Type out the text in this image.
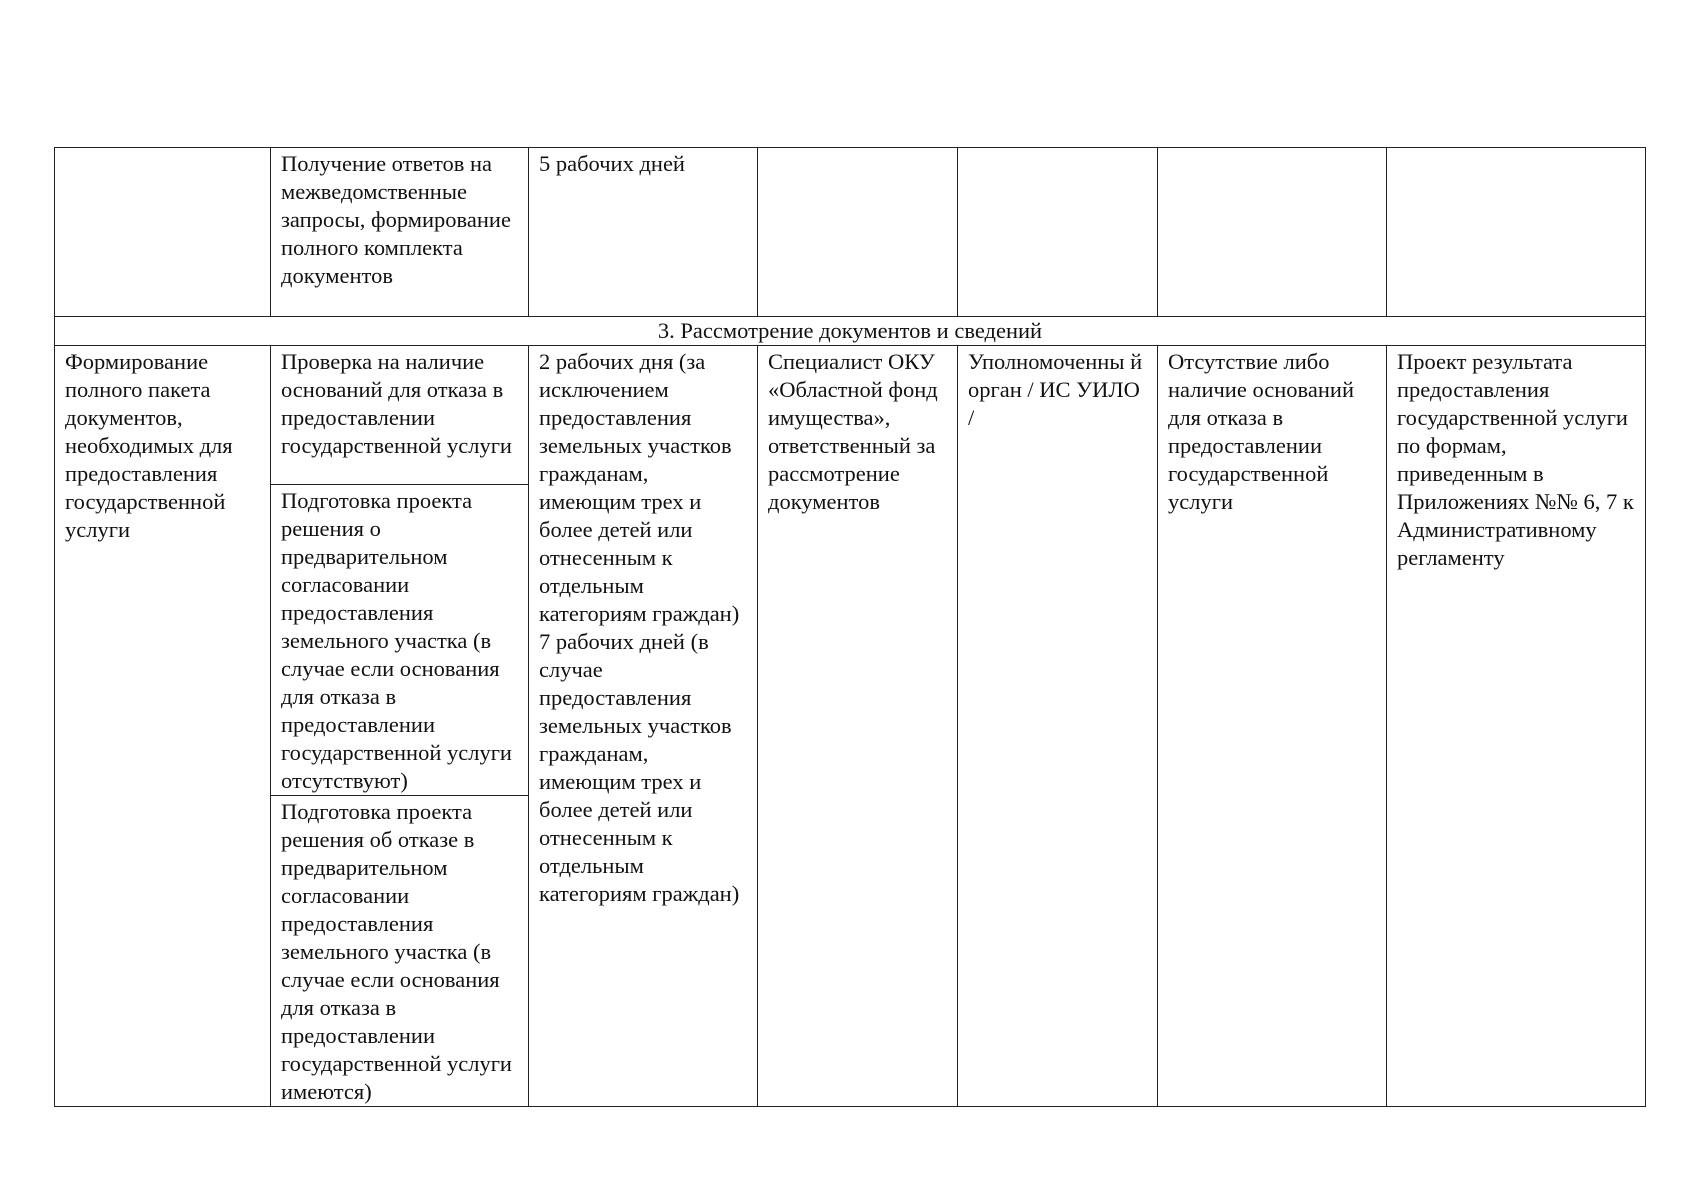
	Получение ответов на межведомственные запросы, формирование полного комплекта документов	5 рабочих дней				
3. Рассмотрение документов и сведений						
Формирование полного пакета документов, необходимых для предоставления государственной услуги	Проверка на наличие оснований для отказа в предоставлении государственной услуги	2 рабочих дня (за исключением предоставления земельных участков гражданам, имеющим трех и более детей или отнесенным к отдельным категориям граждан) 7 рабочих дней (в случае предоставления земельных участков гражданам, имеющим трех и более детей или отнесенным к отдельным категориям граждан)	Специалист ОКУ «Областной фонд имущества», ответственный за рассмотрение документов	Уполномоченны й орган / ИС УИЛО /	Отсутствие либо наличие оснований для отказа в предоставлении государственной услуги	Проект результата предоставления государственной услуги по формам, приведенным в Приложениях №№ 6, 7 к Административному регламенту
	Подготовка проекта решения о предварительном согласовании предоставления земельного участка (в случае если основания для отказа в предоставлении государственной услуги отсутствуют)					
	Подготовка проекта решения об отказе в предварительном согласовании предоставления земельного участка (в случае если основания для отказа в предоставлении государственной услуги имеются)					
